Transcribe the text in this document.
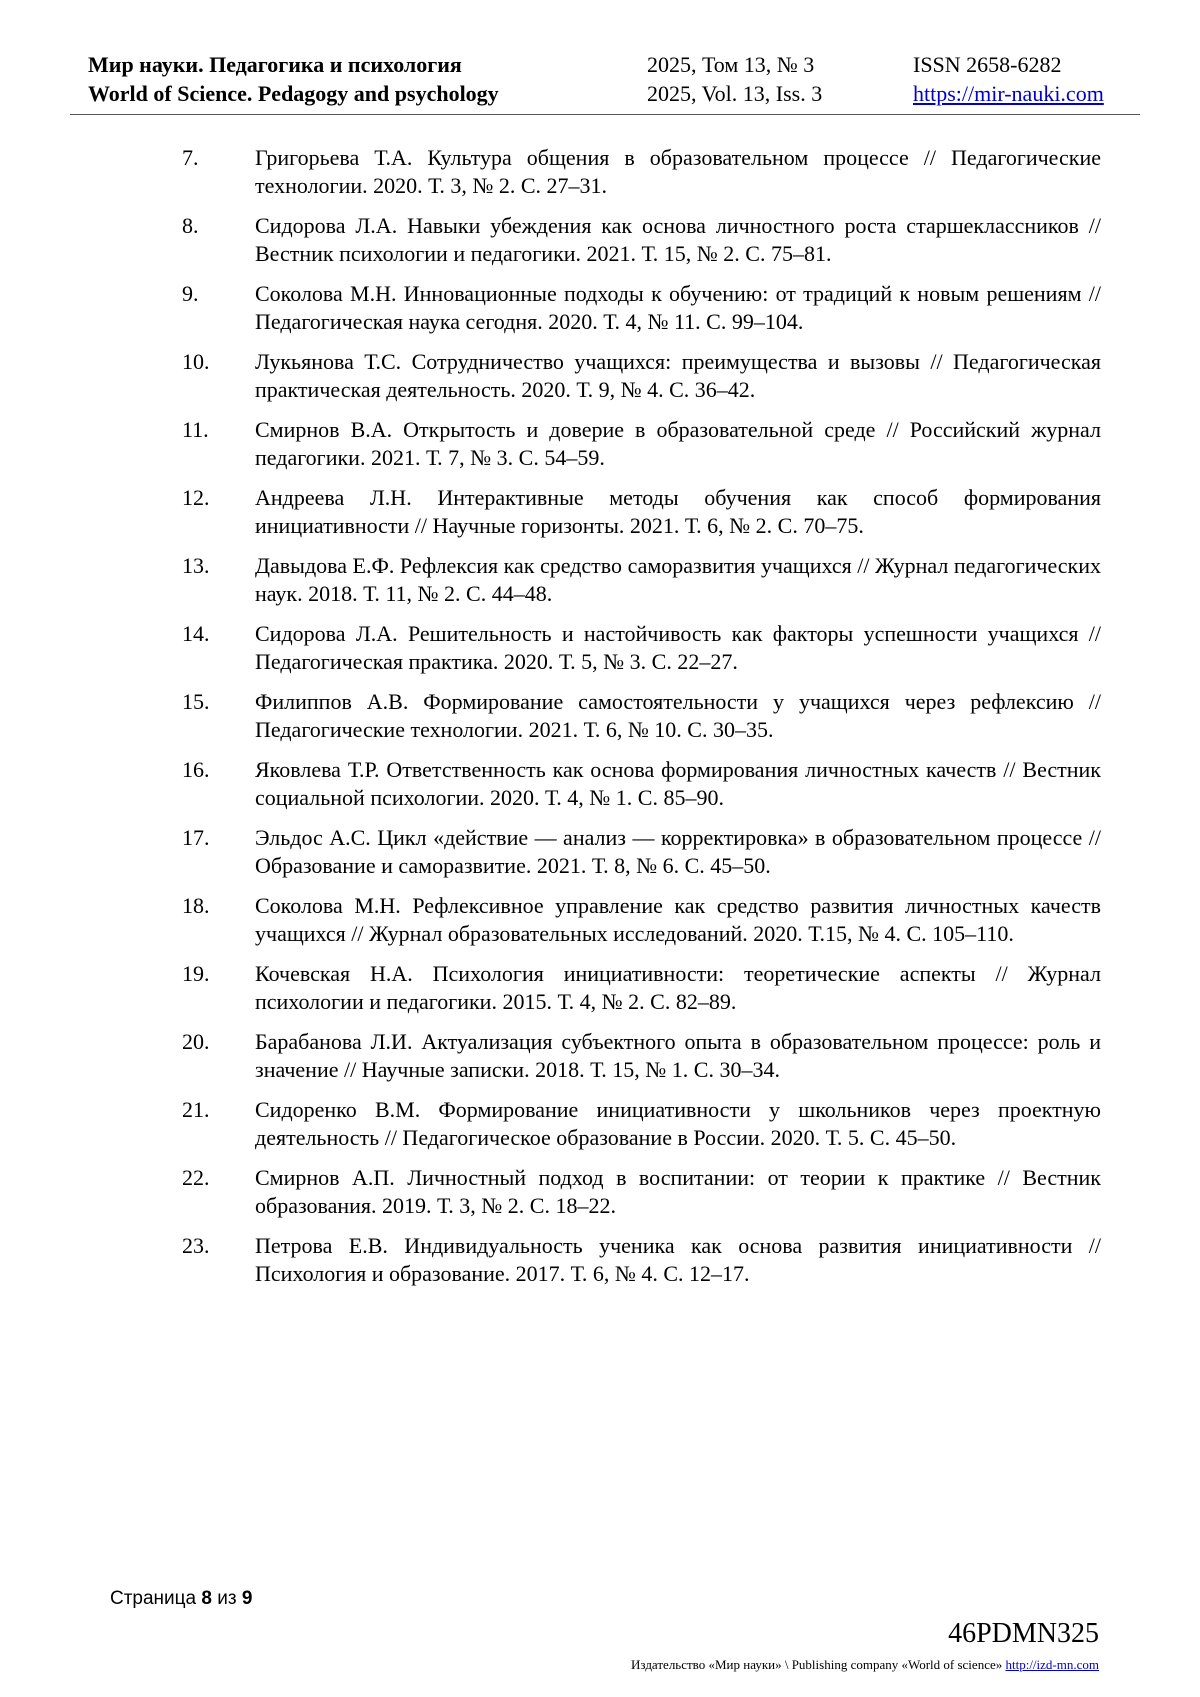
Мир науки. Педагогика и психология
World of Science. Pedagogy and psychology
2025, Том 13, № 3
2025, Vol. 13, Iss. 3
ISSN 2658-6282
https://mir-nauki.com
7.	Григорьева Т.А. Культура общения в образовательном процессе // Педагогические технологии. 2020. Т. 3, № 2. С. 27–31.
8.	Сидорова Л.А. Навыки убеждения как основа личностного роста старшеклассников // Вестник психологии и педагогики. 2021. Т. 15, № 2. С. 75–81.
9.	Соколова М.Н. Инновационные подходы к обучению: от традиций к новым решениям // Педагогическая наука сегодня. 2020. Т. 4, № 11. С. 99–104.
10. Лукьянова Т.С. Сотрудничество учащихся: преимущества и вызовы // Педагогическая практическая деятельность. 2020. Т. 9, № 4. С. 36–42.
11. Смирнов В.А. Открытость и доверие в образовательной среде // Российский журнал педагогики. 2021. Т. 7, № 3. С. 54–59.
12. Андреева Л.Н. Интерактивные методы обучения как способ формирования инициативности // Научные горизонты. 2021. Т. 6, № 2. С. 70–75.
13. Давыдова Е.Ф. Рефлексия как средство саморазвития учащихся // Журнал педагогических наук. 2018. Т. 11, № 2. С. 44–48.
14. Сидорова Л.А. Решительность и настойчивость как факторы успешности учащихся // Педагогическая практика. 2020. Т. 5, № 3. С. 22–27.
15. Филиппов А.В. Формирование самостоятельности у учащихся через рефлексию // Педагогические технологии. 2021. Т. 6, № 10. С. 30–35.
16. Яковлева Т.Р. Ответственность как основа формирования личностных качеств // Вестник социальной психологии. 2020. Т. 4, № 1. С. 85–90.
17. Эльдос А.С. Цикл «действие — анализ — корректировка» в образовательном процессе // Образование и саморазвитие. 2021. Т. 8, № 6. С. 45–50.
18. Соколова М.Н. Рефлексивное управление как средство развития личностных качеств учащихся // Журнал образовательных исследований. 2020. Т.15, № 4. С. 105–110.
19. Кочевская Н.А. Психология инициативности: теоретические аспекты // Журнал психологии и педагогики. 2015. Т. 4, № 2. С. 82–89.
20. Барабанова Л.И. Актуализация субъектного опыта в образовательном процессе: роль и значение // Научные записки. 2018. Т. 15, № 1. С. 30–34.
21. Сидоренко В.М. Формирование инициативности у школьников через проектную деятельность // Педагогическое образование в России. 2020. Т. 5. С. 45–50.
22. Смирнов А.П. Личностный подход в воспитании: от теории к практике // Вестник образования. 2019. Т. 3, № 2. С. 18–22.
23. Петрова Е.В. Индивидуальность ученика как основа развития инициативности // Психология и образование. 2017. Т. 6, № 4. С. 12–17.
Страница 8 из 9
46PDMN325
Издательство «Мир науки» \ Publishing company «World of science» http://izd-mn.com
